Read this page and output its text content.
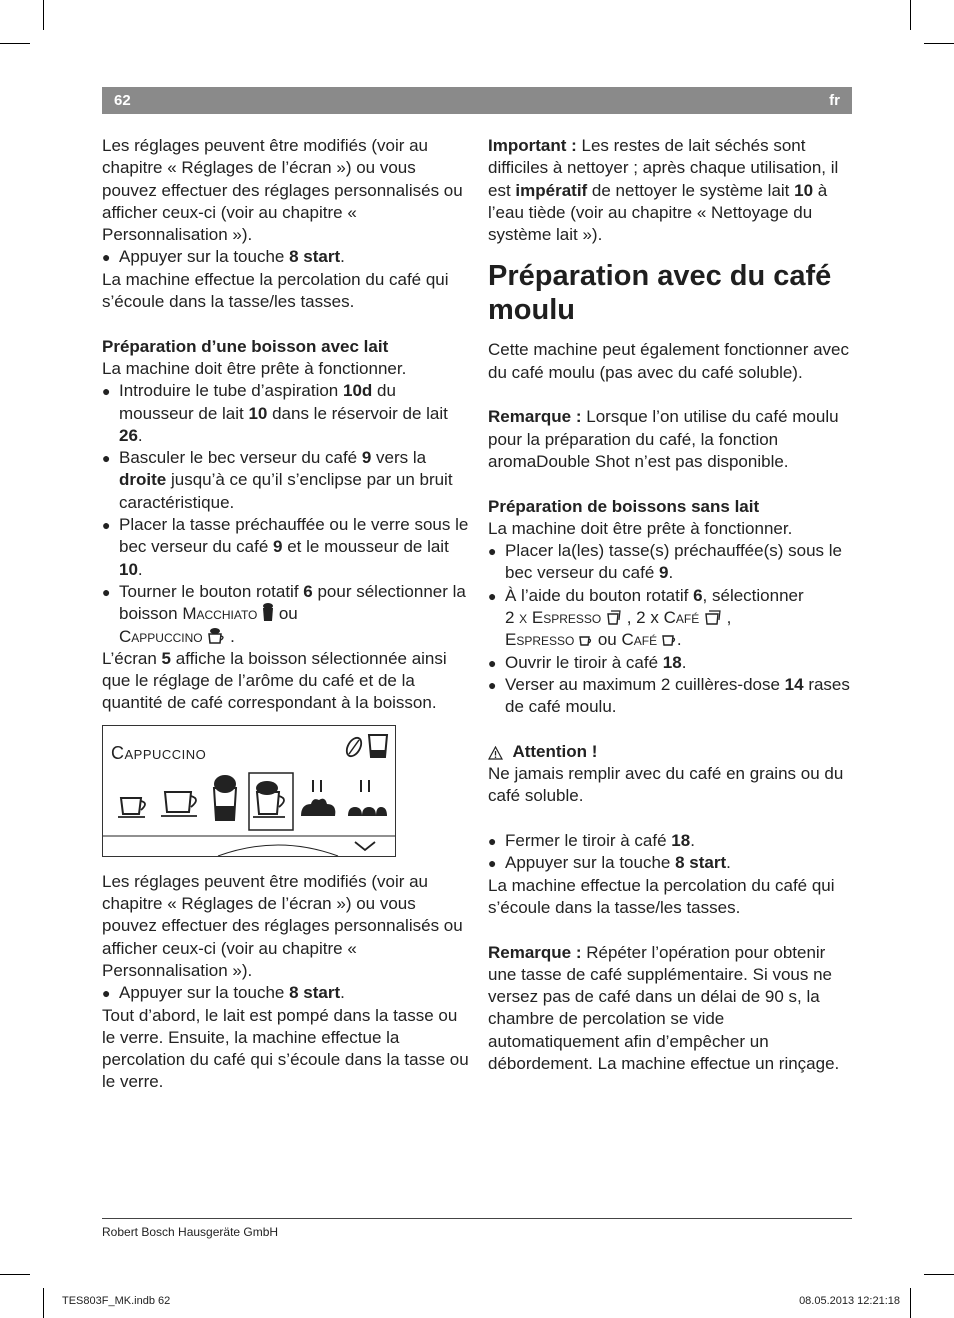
62	fr

Les réglages peuvent être modifiés (voir au chapitre « Réglages de l’écran ») ou vous pouvez effectuer des réglages personnalisés ou afficher ceux-ci (voir au chapitre « Personnalisation »).

● Appuyer sur la touche 8 start.

La machine effectue la percolation du café qui s’écoule dans la tasse/les tasses.

Préparation d’une boisson avec lait

La machine doit être prête à fonctionner.

● Introduire le tube d’aspiration 10d du mousseur de lait 10 dans le réservoir de lait 26.

● Basculer le bec verseur du café 9 vers la droite jusqu’à ce qu’il s’enclipse par un bruit caractéristique.

● Placer la tasse préchauffée ou le verre sous le bec verseur du café 9 et le mousseur de lait 10.

● Tourner le bouton rotatif 6 pour sélectionner la boisson Macchiato  ou
Cappuccino  .

L’écran 5 affiche la boisson sélectionnée ainsi que le réglage de l’arôme du café et de la quantité de café correspondant à la boisson.

Cappuccino

Les réglages peuvent être modifiés (voir au chapitre « Réglages de l’écran ») ou vous pouvez effectuer des réglages personnalisés ou afficher ceux-ci (voir au chapitre « Personnalisation »).

● Appuyer sur la touche 8 start.

Tout d’abord, le lait est pompé dans la tasse ou le verre. Ensuite, la machine effectue la percolation du café qui s’écoule dans la tasse ou le verre.

Important : Les restes de lait séchés sont difficiles à nettoyer ; après chaque utilisation, il est impératif de nettoyer le système lait 10 à l’eau tiède (voir au chapitre « Nettoyage du système lait »).

Préparation avec du café moulu

Cette machine peut également fonctionner avec du café moulu (pas avec du café soluble).

Remarque : Lorsque l’on utilise du café moulu pour la préparation du café, la fonction aromaDouble Shot n’est pas disponible.

Préparation de boissons sans lait

La machine doit être prête à fonctionner.

● Placer la(les) tasse(s) préchauffée(s) sous le bec verseur du café 9.

● À l’aide du bouton rotatif 6, sélectionner
2 x Espresso  , 2 x Café  ,
Espresso  ou Café .

● Ouvrir le tiroir à café 18.

● Verser au maximum 2 cuillères-dose 14 rases de café moulu.

Attention !

Ne jamais remplir avec du café en grains ou du café soluble.

● Fermer le tiroir à café 18.

● Appuyer sur la touche 8 start.

La machine effectue la percolation du café qui s’écoule dans la tasse/les tasses.

Remarque : Répéter l’opération pour obtenir une tasse de café supplémentaire. Si vous ne versez pas de café dans un délai de 90 s, la chambre de percolation se vide automatiquement afin d’empêcher un débordement. La machine effectue un rinçage.

Robert Bosch Hausgeräte GmbH
TES803F_MK.indb 62	08.05.2013 12:21:18
